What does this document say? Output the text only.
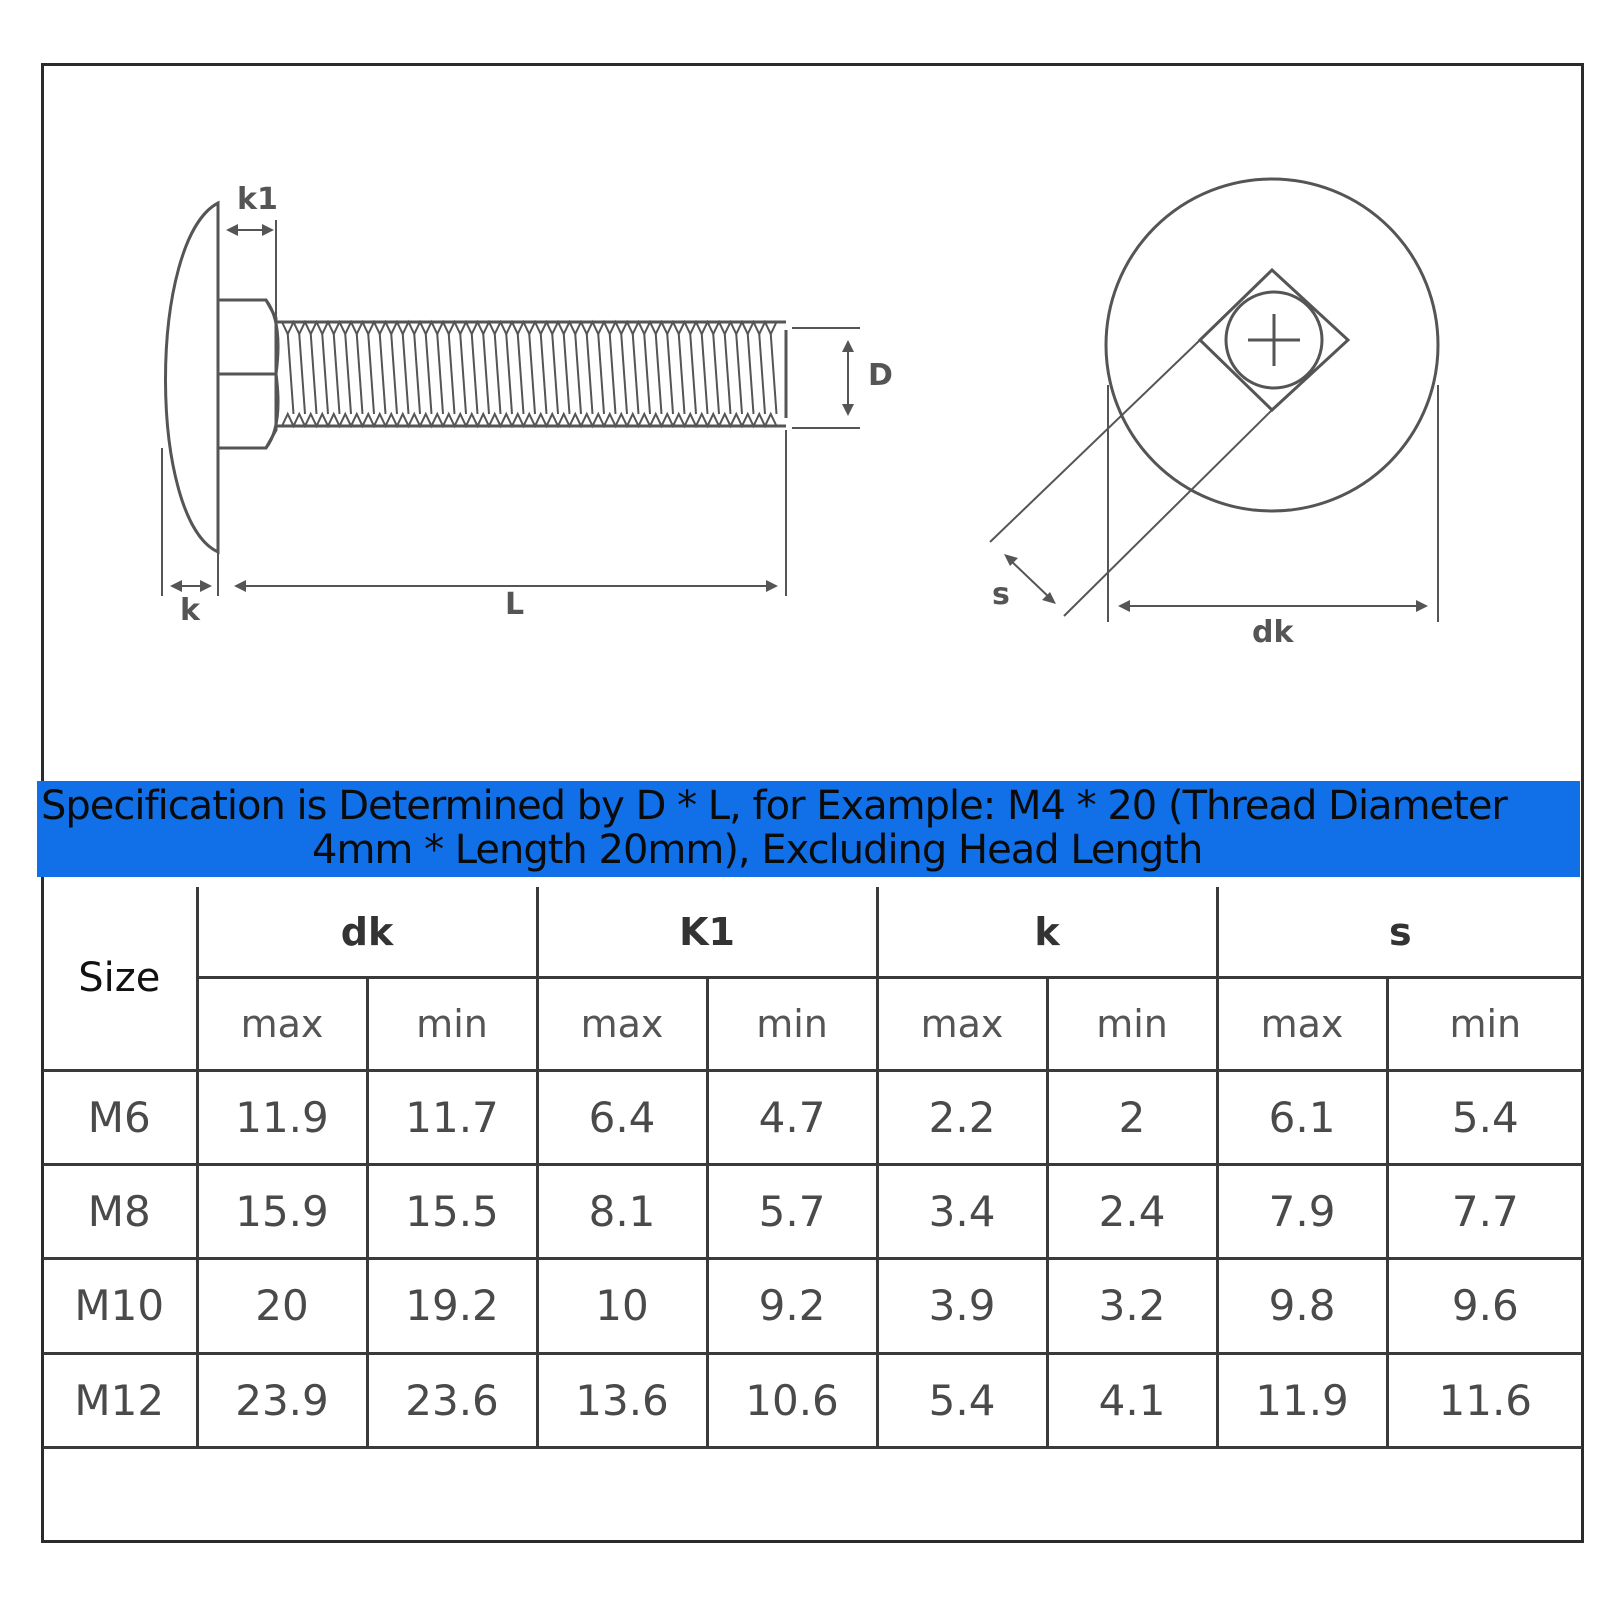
k1
D
k	L	s
dk
Specification is Determined by D * L, for Example: M4 * 20 (Thread Diameter
4mm * Length 20mm), Excluding Head Length
Size	dk		K1		k		s	
	max	min	max	min	max	min	max	min
M6	11.9	11.7	6.4	4.7	2.2	2	6.1	5.4
M8	15.9	15.5	8.1	5.7	3.4	2.4	7.9	7.7
M10	20	19.2	10	9.2	3.9	3.2	9.8	9.6
M12	23.9	23.6	13.6	10.6	5.4	4.1	11.9	11.6
